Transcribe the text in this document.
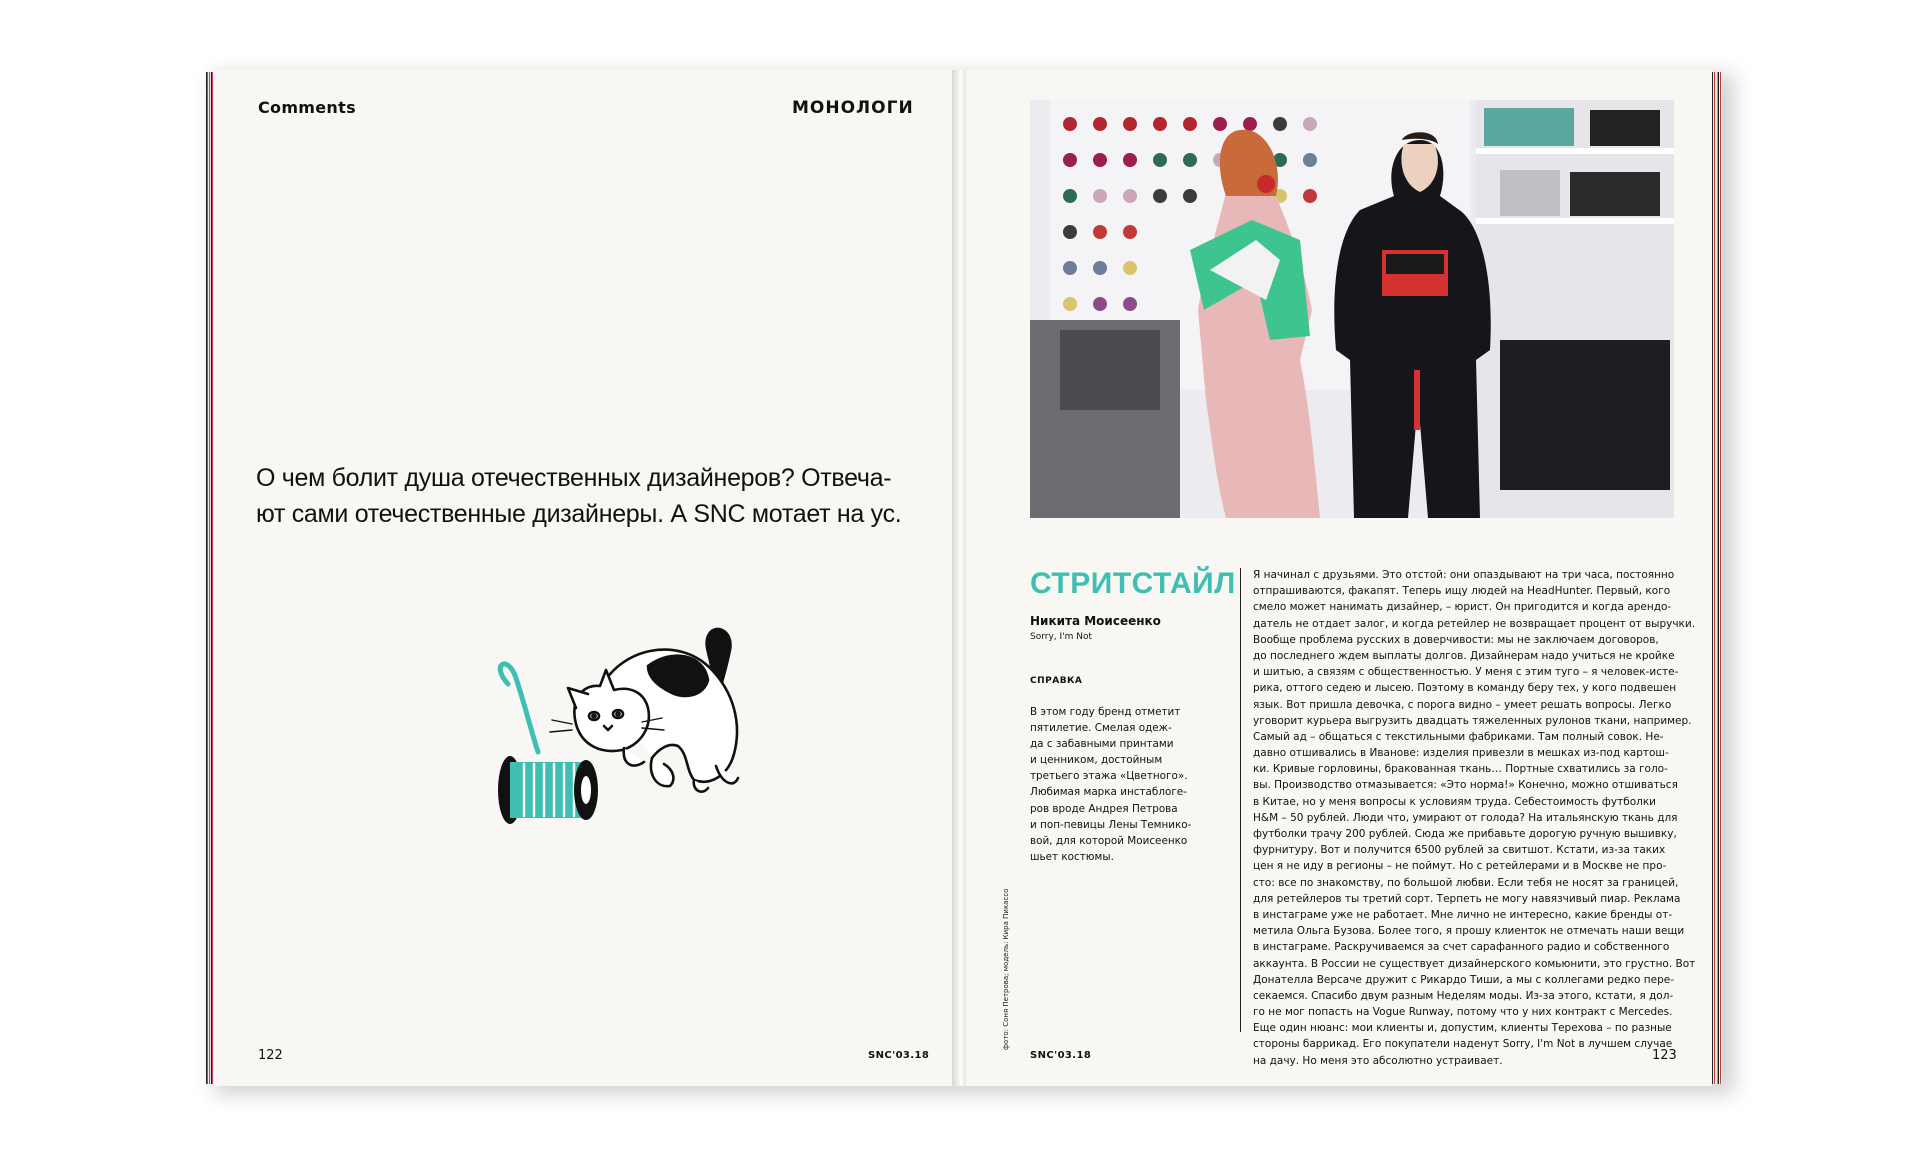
Comments	МОНОЛОГИ

О чем болит душа отечественных дизайнеров? Отвеча-

ют сами отечественные дизайнеры. А SNC мотает на ус.

122	SNC'03.18
СТРИТСТАЙЛ
Никита Моисеенко
Sorry, I'm Not
СПРАВКА

В этом году бренд отметит

пятилетие. Смелая одеж-

да с забавными принтами

и ценником, достойным

третьего этажа «Цветного».

Любимая марка инстаблоге-

ров вроде Андрея Петрова

и поп-певицы Лены Темнико-

вой, для которой Моисеенко

шьет костюмы.

фото: Соня Петрова; модель: Кира Пикассо

Я начинал с друзьями. Это отстой: они опаздывают на три часа, постоянно

отпрашиваются, факапят. Теперь ищу людей на HeadHunter. Первый, кого

смело может нанимать дизайнер, – юрист. Он пригодится и когда арендо-

датель не отдает залог, и когда ретейлер не возвращает процент от выручки.

Вообще проблема русских в доверчивости: мы не заключаем договоров,

до последнего ждем выплаты долгов. Дизайнерам надо учиться не кройке

и шитью, а связям с общественностью. У меня с этим туго – я человек-исте-

рика, оттого седею и лысею. Поэтому в команду беру тех, у кого подвешен

язык. Вот пришла девочка, с порога видно – умеет решать вопросы. Легко

уговорит курьера выгрузить двадцать тяжеленных рулонов ткани, например.

Самый ад – общаться с текстильными фабриками. Там полный совок. Не-

давно отшивались в Иванове: изделия привезли в мешках из-под картош-

ки. Кривые горловины, бракованная ткань… Портные схватились за голо-

вы. Производство отмазывается: «Это норма!» Конечно, можно отшиваться

в Китае, но у меня вопросы к условиям труда. Себестоимость футболки

H&M – 50 рублей. Люди что, умирают от голода? На итальянскую ткань для

футболки трачу 200 рублей. Сюда же прибавьте дорогую ручную вышивку,

фурнитуру. Вот и получится 6500 рублей за свитшот. Кстати, из-за таких

цен я не иду в регионы – не поймут. Но с ретейлерами и в Москве не про-

сто: все по знакомству, по большой любви. Если тебя не носят за границей,

для ретейлеров ты третий сорт. Терпеть не могу навязчивый пиар. Реклама

в инстаграме уже не работает. Мне лично не интересно, какие бренды от-

метила Ольга Бузова. Более того, я прошу клиенток не отмечать наши вещи

в инстаграме. Раскручиваемся за счет сарафанного радио и собственного

аккаунта. В России не существует дизайнерского комьюнити, это грустно. Вот

Донателла Версаче дружит с Рикардо Тиши, а мы с коллегами редко пере-

секаемся. Спасибо двум разным Неделям моды. Из-за этого, кстати, я дол-

го не мог попасть на Vogue Runway, потому что у них контракт с Mercedes.

Еще один нюанс: мои клиенты и, допустим, клиенты Терехова – по разные

стороны баррикад. Его покупатели наденут Sorry, I'm Not в лучшем случае

на дачу. Но меня это абсолютно устраивает.

SNC'03.18	123
